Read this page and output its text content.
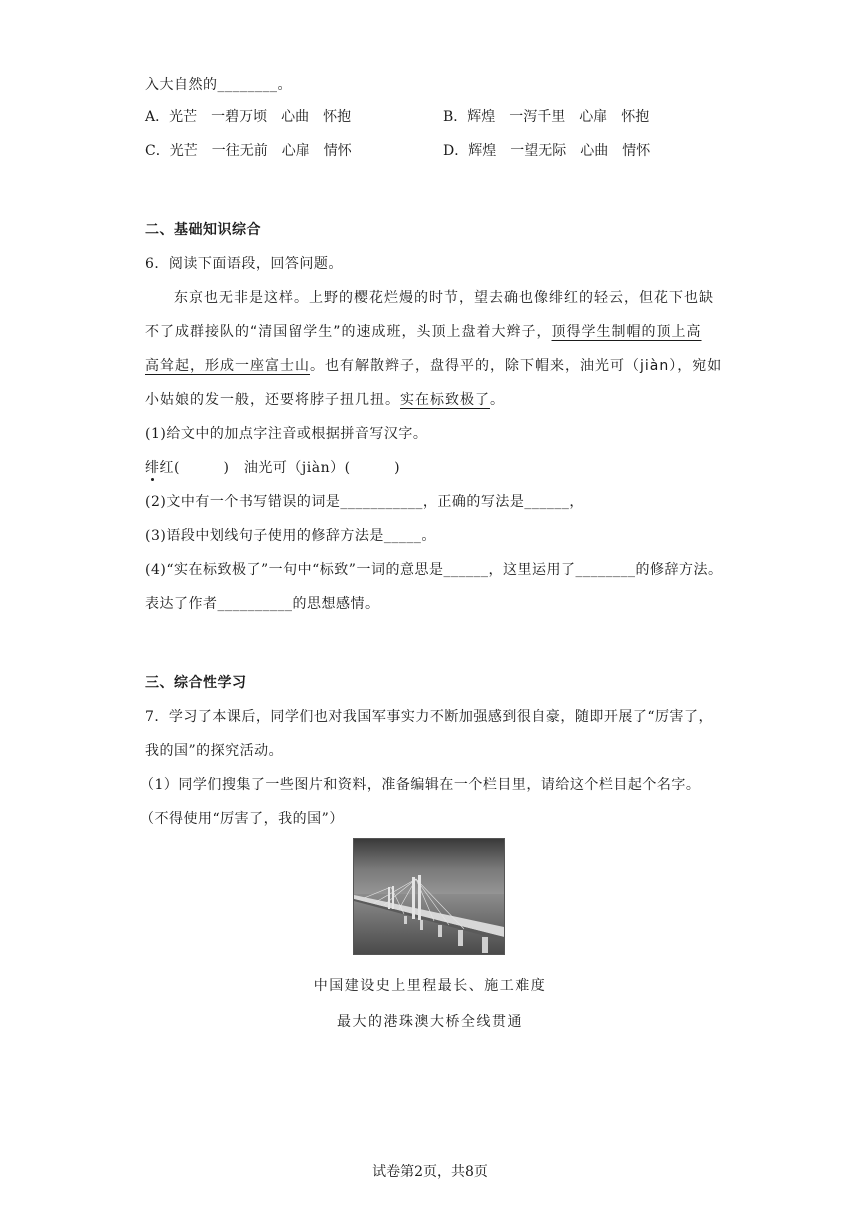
入大自然的________。
A．光芒　一碧万顷　心曲　怀抱	B．辉煌　一泻千里　心扉　怀抱
C．光芒　一往无前　心扉　情怀	D．辉煌　一望无际　心曲　情怀
二、基础知识综合
6．阅读下面语段，回答问题。
东京也无非是这样。上野的樱花烂熳的时节，望去确也像绯红的轻云，但花下也缺
不了成群接队的“清国留学生”的速成班，头顶上盘着大辫子，顶得学生制帽的顶上高
高耸起，形成一座富士山。也有解散辫子，盘得平的，除下帽来，油光可（jiàn），宛如
小姑娘的发一般，还要将脖子扭几扭。实在标致极了。
(1)给文中的加点字注音或根据拼音写汉字。
绯红(　　　)　油光可（jiàn）(　　　)
(2)文中有一个书写错误的词是___________，正确的写法是______，
(3)语段中划线句子使用的修辞方法是_____。
(4)“实在标致极了”一句中“标致”一词的意思是______，这里运用了________的修辞方法。
表达了作者__________的思想感情。
三、综合性学习
7．学习了本课后，同学们也对我国军事实力不断加强感到很自豪，随即开展了“厉害了，
我的国”的探究活动。
（1）同学们搜集了一些图片和资料，准备编辑在一个栏目里，请给这个栏目起个名字。
（不得使用“厉害了，我的国”）
中国建设史上里程最长、施工难度
最大的港珠澳大桥全线贯通
试卷第2页，共8页
